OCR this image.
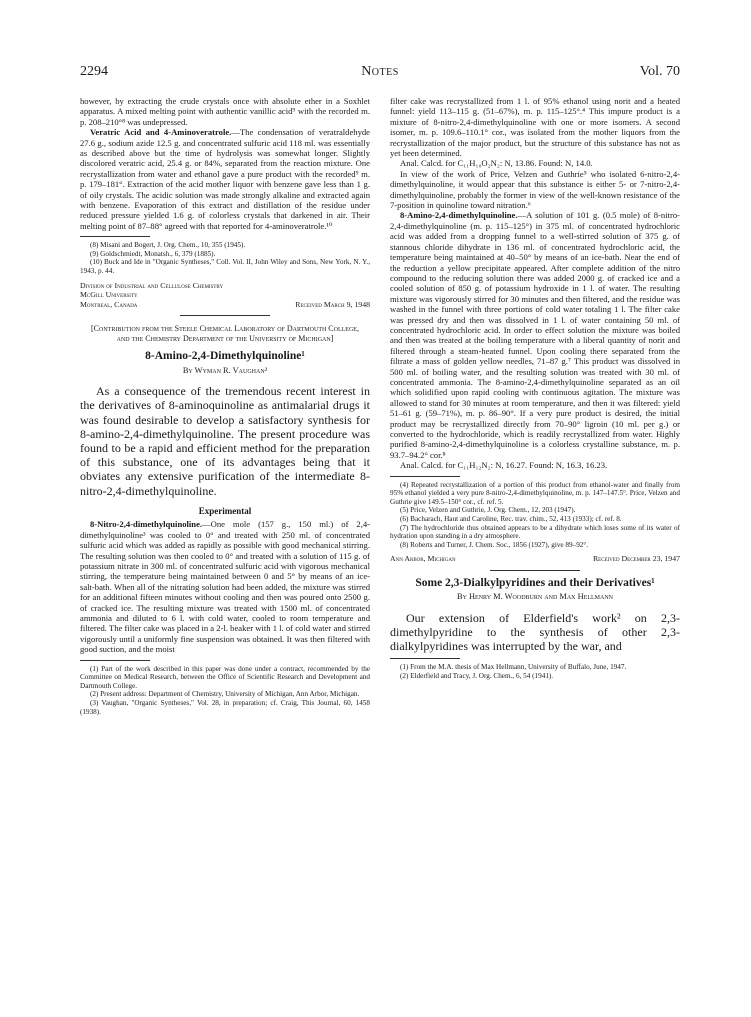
2294	Notes	Vol. 70

however, by extracting the crude crystals once with absolute ether in a Soxhlet apparatus. A mixed melting point with authentic vanillic acid⁹ with the recorded m. p. 208–210°⁸ was undepressed.

Veratric Acid and 4-Aminoveratrole.—The condensation of veratraldehyde 27.6 g., sodium azide 12.5 g. and concentrated sulfuric acid 118 ml. was essentially as described above but the time of hydrolysis was somewhat longer. Slightly discolored veratric acid, 25.4 g. or 84%, separated from the reaction mixture. One recrystallization from water and ethanol gave a pure product with the recorded⁹ m. p. 179–181°. Extraction of the acid mother liquor with benzene gave less than 1 g. of oily crystals. The acidic solution was made strongly alkaline and extracted again with benzene. Evaporation of this extract and distillation of the residue under reduced pressure yielded 1.6 g. of colorless crystals that darkened in air. Their melting point of 87–88° agreed with that reported for 4-aminoveratrole.¹⁰

(8) Misani and Bogert, J. Org. Chem., 10, 355 (1945).

(9) Goldschmiedt, Monatsh., 6, 379 (1885).

(10) Buck and Ide in "Organic Syntheses," Coll. Vol. II, John Wiley and Sons, New York, N. Y., 1943, p. 44.

Division of Industrial and Cellulose Chemistry
McGill University
Montreal, Canada	Received March 9, 1948
[Contribution from the Steele Chemical Laboratory of Dartmouth College, and the Chemistry Department of the University of Michigan]
8-Amino-2,4-Dimethylquinoline¹
By Wyman R. Vaughan²

As a consequence of the tremendous recent interest in the derivatives of 8-aminoquinoline as antimalarial drugs it was found desirable to develop a satisfactory synthesis for 8-amino-2,4-dimethylquinoline. The present procedure was found to be a rapid and efficient method for the preparation of this substance, one of its advantages being that it obviates any extensive purification of the intermediate 8-nitro-2,4-dimethylquinoline.

Experimental

8-Nitro-2,4-dimethylquinoline.—One mole (157 g., 150 ml.) of 2,4-dimethylquinoline³ was cooled to 0° and treated with 250 ml. of concentrated sulfuric acid which was added as rapidly as possible with good mechanical stirring. The resulting solution was then cooled to 0° and treated with a solution of 115 g. of potassium nitrate in 300 ml. of concentrated sulfuric acid with vigorous mechanical stirring, the temperature being maintained between 0 and 5° by means of an ice-salt-bath. When all of the nitrating solution had been added, the mixture was stirred for an additional fifteen minutes without cooling and then was poured onto 2500 g. of cracked ice. The resulting mixture was treated with 1500 ml. of concentrated ammonia and diluted to 6 l. with cold water, cooled to room temperature and filtered. The filter cake was placed in a 2-l. beaker with 1 l. of cold water and stirred vigorously until a uniformly fine suspension was obtained. It was then filtered with good suction, and the moist

(1) Part of the work described in this paper was done under a contract, recommended by the Committee on Medical Research, between the Office of Scientific Research and Development and Dartmouth College.

(2) Present address: Department of Chemistry, University of Michigan, Ann Arbor, Michigan.

(3) Vaughan, "Organic Syntheses," Vol. 28, in preparation; cf. Craig, This Journal, 60, 1458 (1938).

filter cake was recrystallized from 1 l. of 95% ethanol using norit and a heated funnel: yield 113–115 g. (51–67%), m. p. 115–125°.⁴ This impure product is a mixture of 8-nitro-2,4-dimethylquinoline with one or more isomers. A second isomer, m. p. 109.6–110.1° cor., was isolated from the mother liquors from the recrystallization of the major product, but the structure of this substance has not as yet been determined.

Anal. Calcd. for C₁₁H₁₀O₂N₂: N, 13.86. Found: N, 14.0.

In view of the work of Price, Velzen and Guthrie⁵ who isolated 6-nitro-2,4-dimethylquinoline, it would appear that this substance is either 5- or 7-nitro-2,4-dimethylquinoline, probably the former in view of the well-known resistance of the 7-position in quinoline toward nitration.⁶

8-Amino-2,4-dimethylquinoline.—A solution of 101 g. (0.5 mole) of 8-nitro-2,4-dimethylquinoline (m. p. 115–125°) in 375 ml. of concentrated hydrochloric acid was added from a dropping funnel to a well-stirred solution of 375 g. of stannous chloride dihydrate in 136 ml. of concentrated hydrochloric acid, the temperature being maintained at 40–50° by means of an ice-bath. Near the end of the reduction a yellow precipitate appeared. After complete addition of the nitro compound to the reducing solution there was added 2000 g. of cracked ice and a cooled solution of 850 g. of potassium hydroxide in 1 l. of water. The resulting mixture was vigorously stirred for 30 minutes and then filtered, and the residue was washed in the funnel with three portions of cold water totaling 1 l. The filter cake was pressed dry and then was dissolved in 1 l. of water containing 50 ml. of concentrated hydrochloric acid. In order to effect solution the mixture was boiled and then was treated at the boiling temperature with a liberal quantity of norit and filtered through a steam-heated funnel. Upon cooling there separated from the filtrate a mass of golden yellow needles, 71–87 g.⁷ This product was dissolved in 500 ml. of boiling water, and the resulting solution was treated with 30 ml. of concentrated ammonia. The 8-amino-2,4-dimethylquinoline separated as an oil which solidified upon rapid cooling with continuous agitation. The mixture was allowed to stand for 30 minutes at room temperature, and then it was filtered: yield 51–61 g. (59–71%), m. p. 86–90°. If a very pure product is desired, the initial product may be recrystallized directly from 70–90° ligroin (10 ml. per g.) or converted to the hydrochloride, which is readily recrystallized from water. Highly purified 8-amino-2,4-dimethylquinoline is a colorless crystalline substance, m. p. 93.7–94.2° cor.⁸

Anal. Calcd. for C₁₁H₁₂N₂: N, 16.27. Found: N, 16.3, 16.23.

(4) Repeated recrystallization of a portion of this product from ethanol-water and finally from 95% ethanol yielded a very pure 8-nitro-2,4-dimethylquinoline, m. p. 147–147.5°. Price, Velzen and Guthrie give 149.5–150° cor., cf. ref. 5.

(5) Price, Velzen and Guthrie, J. Org. Chem., 12, 203 (1947).

(6) Bacharach, Haut and Caroline, Rec. trav. chim., 52, 413 (1933); cf. ref. 8.

(7) The hydrochloride thus obtained appears to be a dihydrate which loses some of its water of hydration upon standing in a dry atmosphere.

(8) Roberts and Turner, J. Chem. Soc., 1856 (1927), give 89–92°.

Ann Arbor, Michigan	Received December 23, 1947
Some 2,3-Dialkylpyridines and their Derivatives¹
By Henry M. Woodburn and Max Hellmann

Our extension of Elderfield's work² on 2,3-dimethylpyridine to the synthesis of other 2,3-dialkylpyridines was interrupted by the war, and

(1) From the M.A. thesis of Max Hellmann, University of Buffalo, June, 1947.

(2) Elderfield and Tracy, J. Org. Chem., 6, 54 (1941).
